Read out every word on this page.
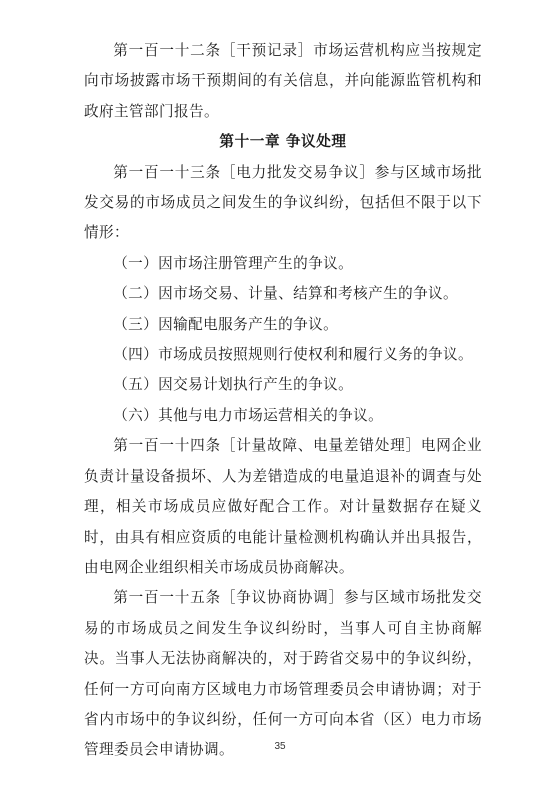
第一百一十二条［干预记录］市场运营机构应当按规定向市场披露市场干预期间的有关信息，并向能源监管机构和政府主管部门报告。

第十一章 争议处理

第一百一十三条［电力批发交易争议］参与区域市场批发交易的市场成员之间发生的争议纠纷，包括但不限于以下情形：

（一）因市场注册管理产生的争议。

（二）因市场交易、计量、结算和考核产生的争议。

（三）因输配电服务产生的争议。

（四）市场成员按照规则行使权利和履行义务的争议。

（五）因交易计划执行产生的争议。

（六）其他与电力市场运营相关的争议。

第一百一十四条［计量故障、电量差错处理］电网企业负责计量设备损坏、人为差错造成的电量追退补的调查与处理，相关市场成员应做好配合工作。对计量数据存在疑义时，由具有相应资质的电能计量检测机构确认并出具报告，由电网企业组织相关市场成员协商解决。

第一百一十五条［争议协商协调］参与区域市场批发交易的市场成员之间发生争议纠纷时，当事人可自主协商解决。当事人无法协商解决的，对于跨省交易中的争议纠纷，任何一方可向南方区域电力市场管理委员会申请协调；对于省内市场中的争议纠纷，任何一方可向本省（区）电力市场管理委员会申请协调。	35
